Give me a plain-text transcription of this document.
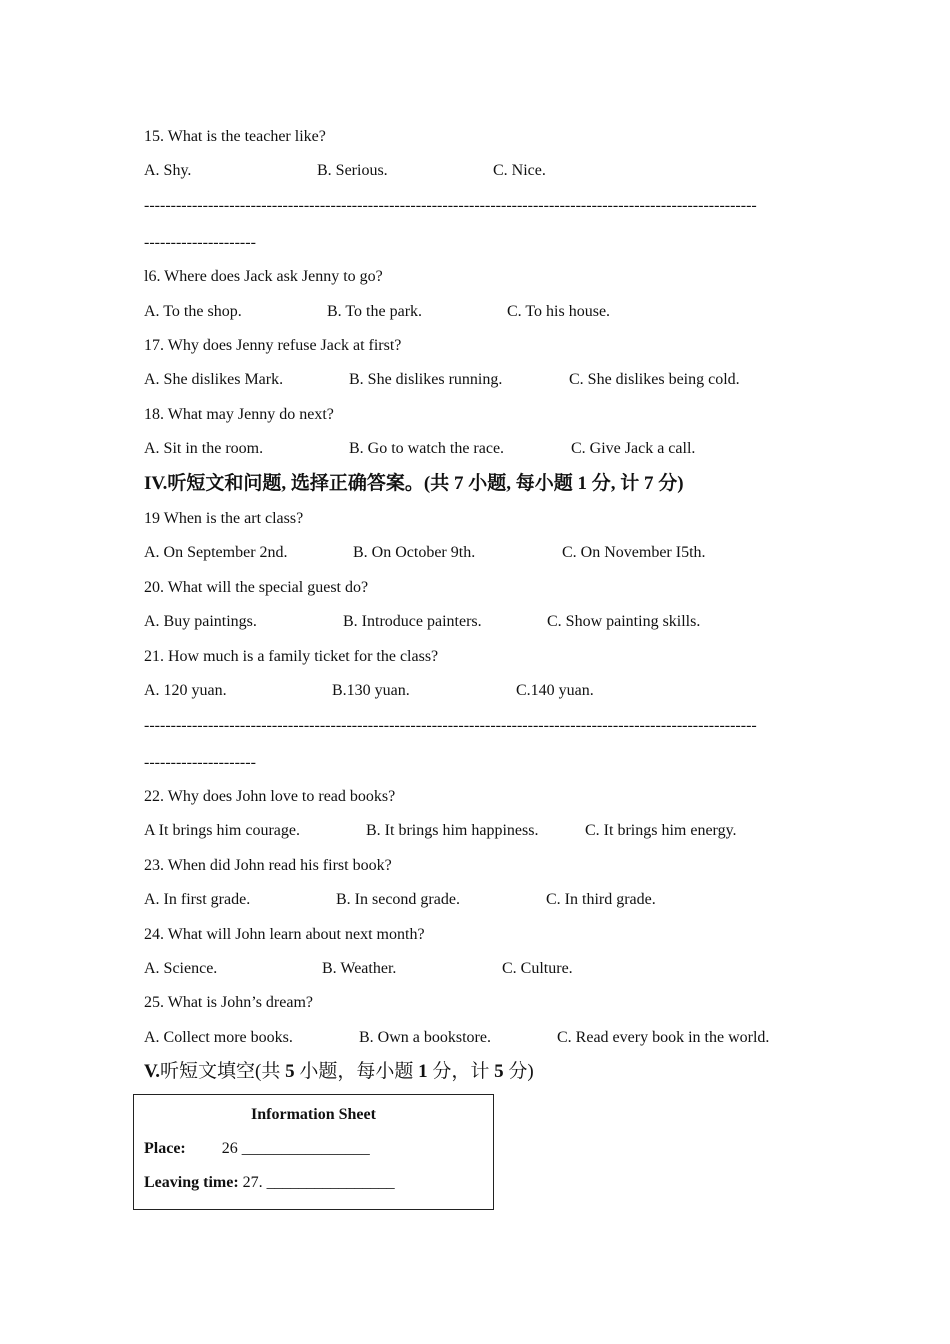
15. What is the teacher like?
A. Shy.	B. Serious.	C. Nice.
-------------------------------------------------------------------------------------------------------------------
---------------------
l6. Where does Jack ask Jenny to go?
A. To the shop.	B. To the park.	C. To his house.
17. Why does Jenny refuse Jack at first?
A. She dislikes Mark.	B. She dislikes running.	C. She dislikes being cold.
18. What may Jenny do next?
A. Sit in the room.	B. Go to watch the race.	C. Give Jack a call.
IV.听短文和问题, 选择正确答案。(共 7 小题, 每小题 1 分, 计 7 分)
19 When is the art class?
A. On September 2nd.	B. On October 9th.	C. On November I5th.
20. What will the special guest do?
A. Buy paintings.	B. Introduce painters.	C. Show painting skills.
21. How much is a family ticket for the class?
A. 120 yuan.	B.130 yuan.	C.140 yuan.
-------------------------------------------------------------------------------------------------------------------
---------------------
22. Why does John love to read books?
A It brings him courage.	B. It brings him happiness.	C. It brings him energy.
23. When did John read his first book?
A. In first grade.	B. In second grade.	C. In third grade.
24. What will John learn about next month?
A. Science.	B. Weather.	C. Culture.
25. What is John’s dream?
A. Collect more books.	B. Own a bookstore.	C. Read every book in the world.
V.听短文填空(共 5 小题，每小题 1 分，计 5 分)
Information Sheet
Place: 26 ________________
Leaving time: 27. ________________
